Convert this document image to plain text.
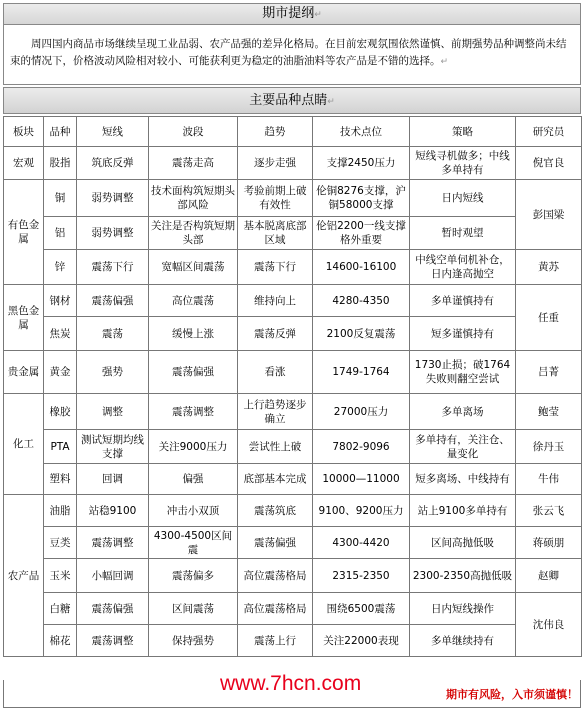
期市提纲↵
周四国内商品市场继续呈现工业品弱、农产品强的差异化格局。在目前宏观氛围依然谨慎、前期强势品种调整尚未结束的情况下，价格波动风险相对较小、可能获利更为稳定的油脂油料等农产品是不错的选择。↵
主要品种点睛↵
板块	品种	短线	波段	趋势	技术点位	策略	研究员
宏观	股指	筑底反弹	震荡走高	逐步走强	支撑2450压力	短线寻机做多；中线多单持有	倪官良
有色金属	铜	弱势调整	技术面构筑短期头部风险	考验前期上破有效性	伦铜8276支撑，沪铜58000支撑	日内短线	彭国梁
	铝	弱势调整	关注是否构筑短期头部	基本脱离底部区域	伦铝2200一线支撑格外重要	暂时观望	
	锌	震荡下行	宽幅区间震荡	震荡下行	14600-16100	中线空单伺机补仓，日内逢高抛空	黄苏
黑色金属	钢材	震荡偏强	高位震荡	维持向上	4280-4350	多单谨慎持有	任重
	焦炭	震荡	缓慢上涨	震荡反弹	2100反复震荡	短多谨慎持有	
贵金属	黄金	强势	震荡偏强	看涨	1749-1764	1730止损；破1764失败则翻空尝试	吕菁
化工	橡胶	调整	震荡调整	上行趋势逐步确立	27000压力	多单离场	鲍莹
	PTA	测试短期均线支撑	关注9000压力	尝试性上破	7802-9096	多单持有，关注仓、量变化	徐丹玉
	塑料	回调	偏强	底部基本完成	10000—11000	短多离场、中线持有	牛伟
农产品	油脂	站稳9100	冲击小双顶	震荡筑底	9100、9200压力	站上9100多单持有	张云飞
	豆类	震荡调整	4300-4500区间震	震荡偏强	4300-4420	区间高抛低吸	蒋硕朋
	玉米	小幅回调	震荡偏多	高位震荡格局	2315-2350	2300-2350高抛低吸	赵卿
	白糖	震荡偏强	区间震荡	高位震荡格局	围绕6500震荡	日内短线操作	沈伟良
	棉花	震荡调整	保持强势	震荡上行	关注22000表现	多单继续持有	
www.7hcn.com	期市有风险，入市须谨慎！
